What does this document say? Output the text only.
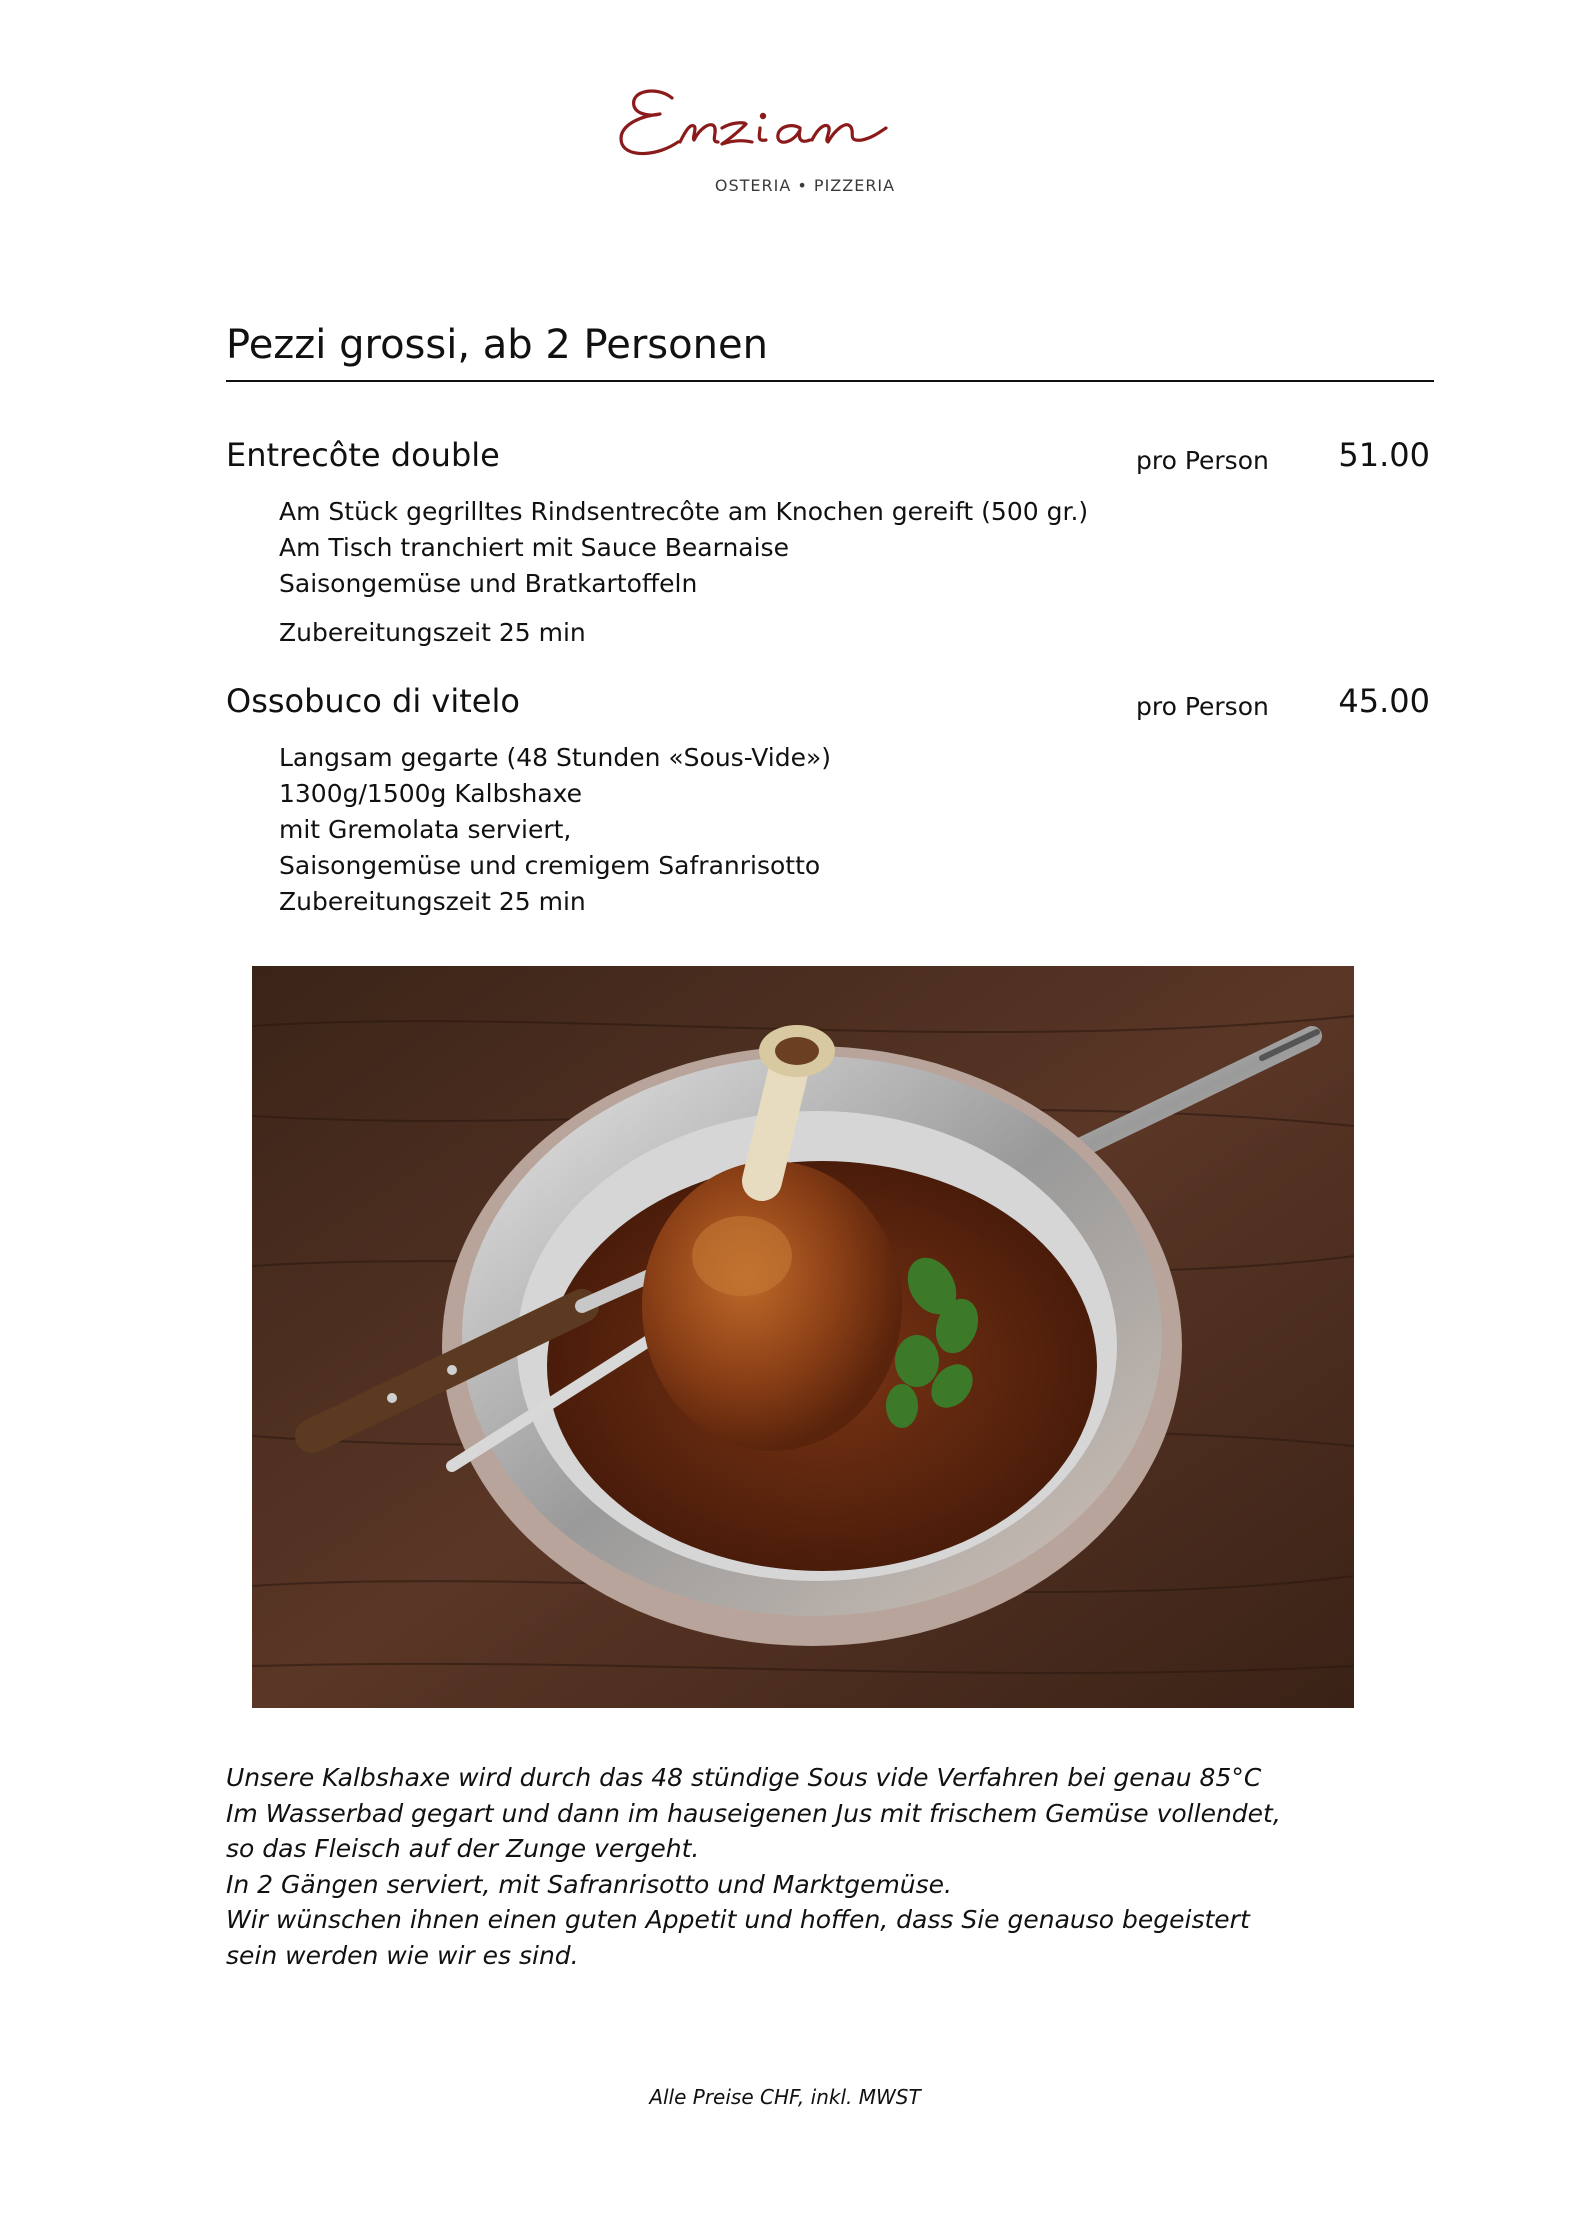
OSTERIA • PIZZERIA
Pezzi grossi, ab 2 Personen
Entrecôte double	pro Person 51.00
Am Stück gegrilltes Rindsentrecôte am Knochen gereift (500 gr.)
Am Tisch tranchiert mit Sauce Bearnaise
Saisongemüse und Bratkartoffeln
Zubereitungszeit 25 min
Ossobuco di vitelo	pro Person 45.00
Langsam gegarte (48 Stunden «Sous-Vide»)
1300g/1500g Kalbshaxe
mit Gremolata serviert,
Saisongemüse und cremigem Safranrisotto
Zubereitungszeit 25 min
Unsere Kalbshaxe wird durch das 48 stündige Sous vide Verfahren bei genau 85°C
Im Wasserbad gegart und dann im hauseigenen Jus mit frischem Gemüse vollendet,
so das Fleisch auf der Zunge vergeht.
In 2 Gängen serviert, mit Safranrisotto und Marktgemüse.
Wir wünschen ihnen einen guten Appetit und hoffen, dass Sie genauso begeistert
sein werden wie wir es sind.
Alle Preise CHF, inkl. MWST
